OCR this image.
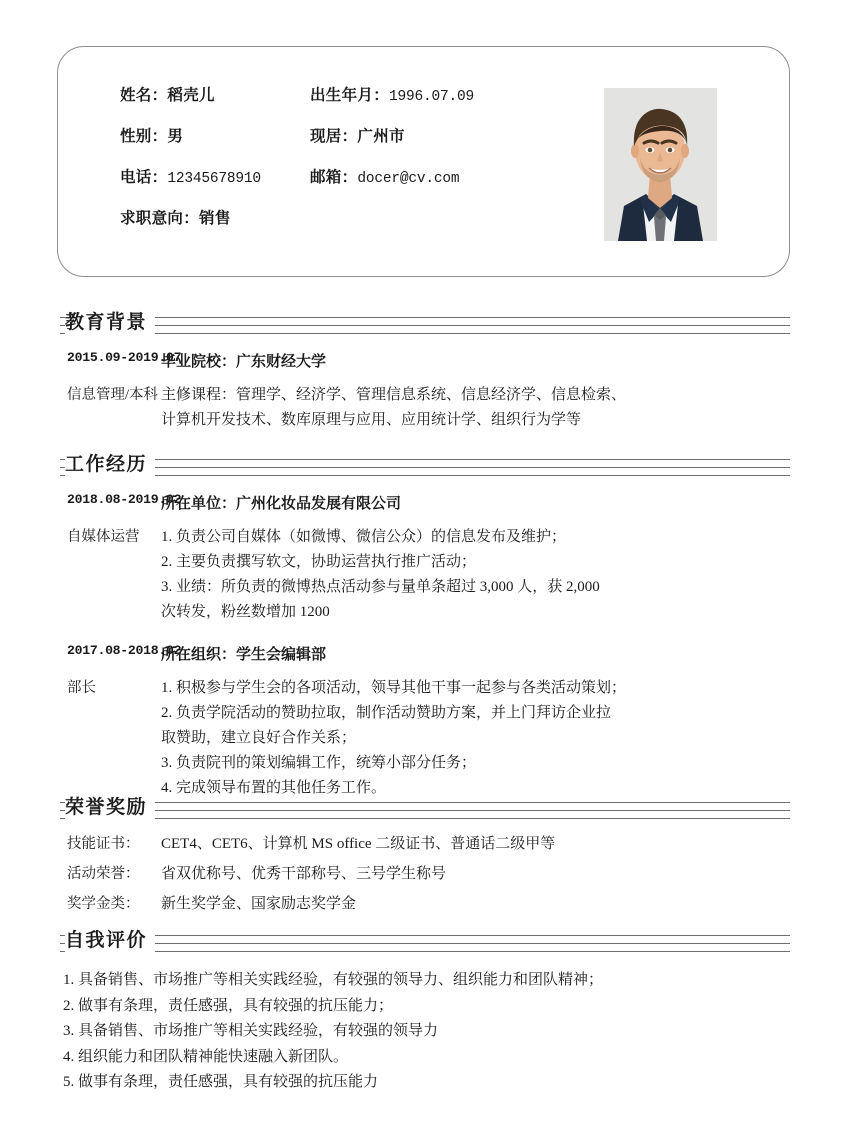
姓名：稻壳儿	出生年月：1996.07.09
性别：男	现居：广州市
电话：12345678910	邮箱：docer@cv.com
求职意向：销售
教育背景
2015.09-2019.07
毕业院校：广东财经大学
信息管理/本科 主修课程：管理学、经济学、管理信息系统、信息经济学、信息检索、
计算机开发技术、数库原理与应用、应用统计学、组织行为学等
工作经历
2018.08-2019.02
所在单位：广州化妆品发展有限公司
自媒体运营	1. 负责公司自媒体（如微博、微信公众）的信息发布及维护；
2. 主要负责撰写软文，协助运营执行推广活动；
3. 业绩：所负责的微博热点活动参与量单条超过 3,000 人，获 2,000
次转发，粉丝数增加 1200
2017.08-2018.02
所在组织：学生会编辑部
部长	1. 积极参与学生会的各项活动，领导其他干事一起参与各类活动策划；
2. 负责学院活动的赞助拉取，制作活动赞助方案，并上门拜访企业拉
取赞助，建立良好合作关系；
3. 负责院刊的策划编辑工作，统筹小部分任务；
4. 完成领导布置的其他任务工作。
荣誉奖励
技能证书：	CET4、CET6、计算机 MS office 二级证书、普通话二级甲等
活动荣誉：	省双优称号、优秀干部称号、三号学生称号
奖学金类：	新生奖学金、国家励志奖学金
自我评价
1. 具备销售、市场推广等相关实践经验，有较强的领导力、组织能力和团队精神；
2. 做事有条理，责任感强，具有较强的抗压能力；
3. 具备销售、市场推广等相关实践经验，有较强的领导力
4. 组织能力和团队精神能快速融入新团队。
5. 做事有条理，责任感强，具有较强的抗压能力
